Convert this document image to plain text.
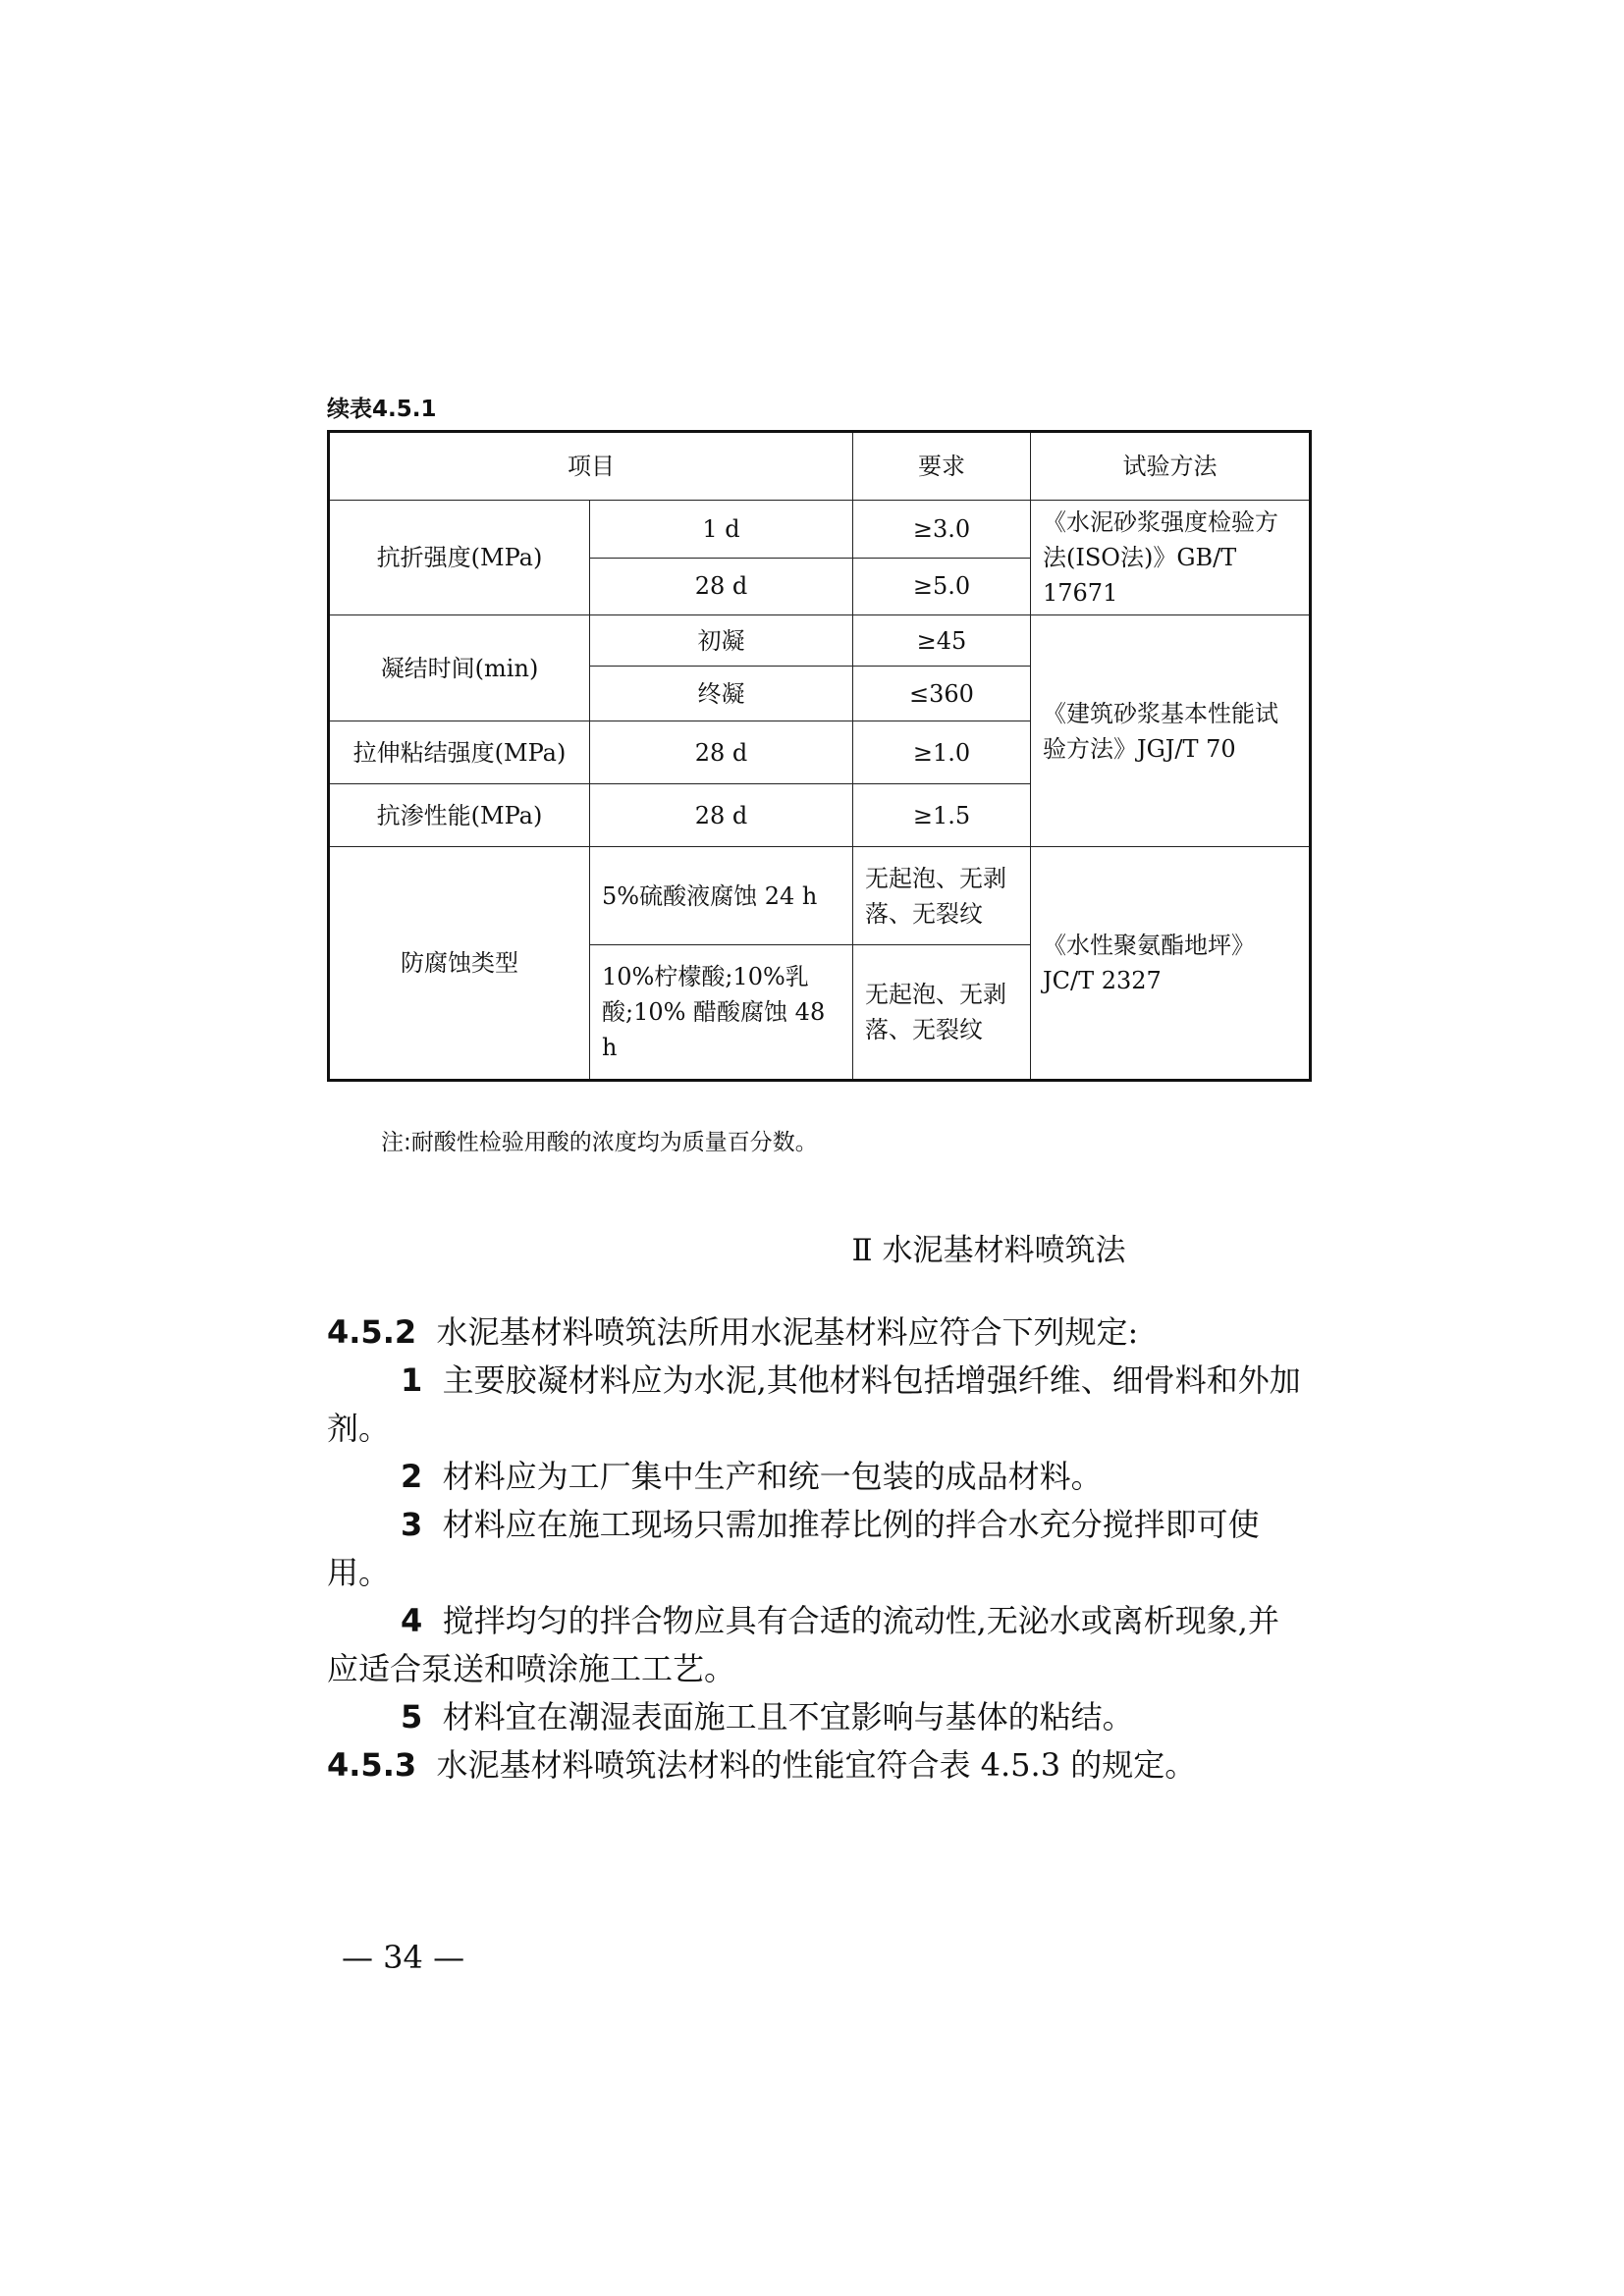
续表4.5.1
项目		要求	试验方法
抗折强度(MPa)	1 d	≥3.0	《水泥砂浆强度检验方法(ISO法)》GB/T 17671
	28 d	≥5.0	
凝结时间(min)	初凝	≥45	《建筑砂浆基本性能试验方法》JGJ/T 70
	终凝	≤360	
拉伸粘结强度(MPa)	28 d	≥1.0	
抗渗性能(MPa)	28 d	≥1.5	
防腐蚀类型	5%硫酸液腐蚀 24 h	无起泡、无剥落、无裂纹	《水性聚氨酯地坪》JC/T 2327
	10%柠檬酸;10%乳酸;10% 醋酸腐蚀 48 h	无起泡、无剥落、无裂纹	
注:耐酸性检验用酸的浓度均为质量百分数。
Ⅱ 水泥基材料喷筑法
4.5.2 水泥基材料喷筑法所用水泥基材料应符合下列规定:
1 主要胶凝材料应为水泥,其他材料包括增强纤维、细骨料和外加剂。
2 材料应为工厂集中生产和统一包装的成品材料。
3 材料应在施工现场只需加推荐比例的拌合水充分搅拌即可使用。
4 搅拌均匀的拌合物应具有合适的流动性,无泌水或离析现象,并应适合泵送和喷涂施工工艺。
5 材料宜在潮湿表面施工且不宜影响与基体的粘结。
4.5.3 水泥基材料喷筑法材料的性能宜符合表 4.5.3 的规定。
— 34 —
